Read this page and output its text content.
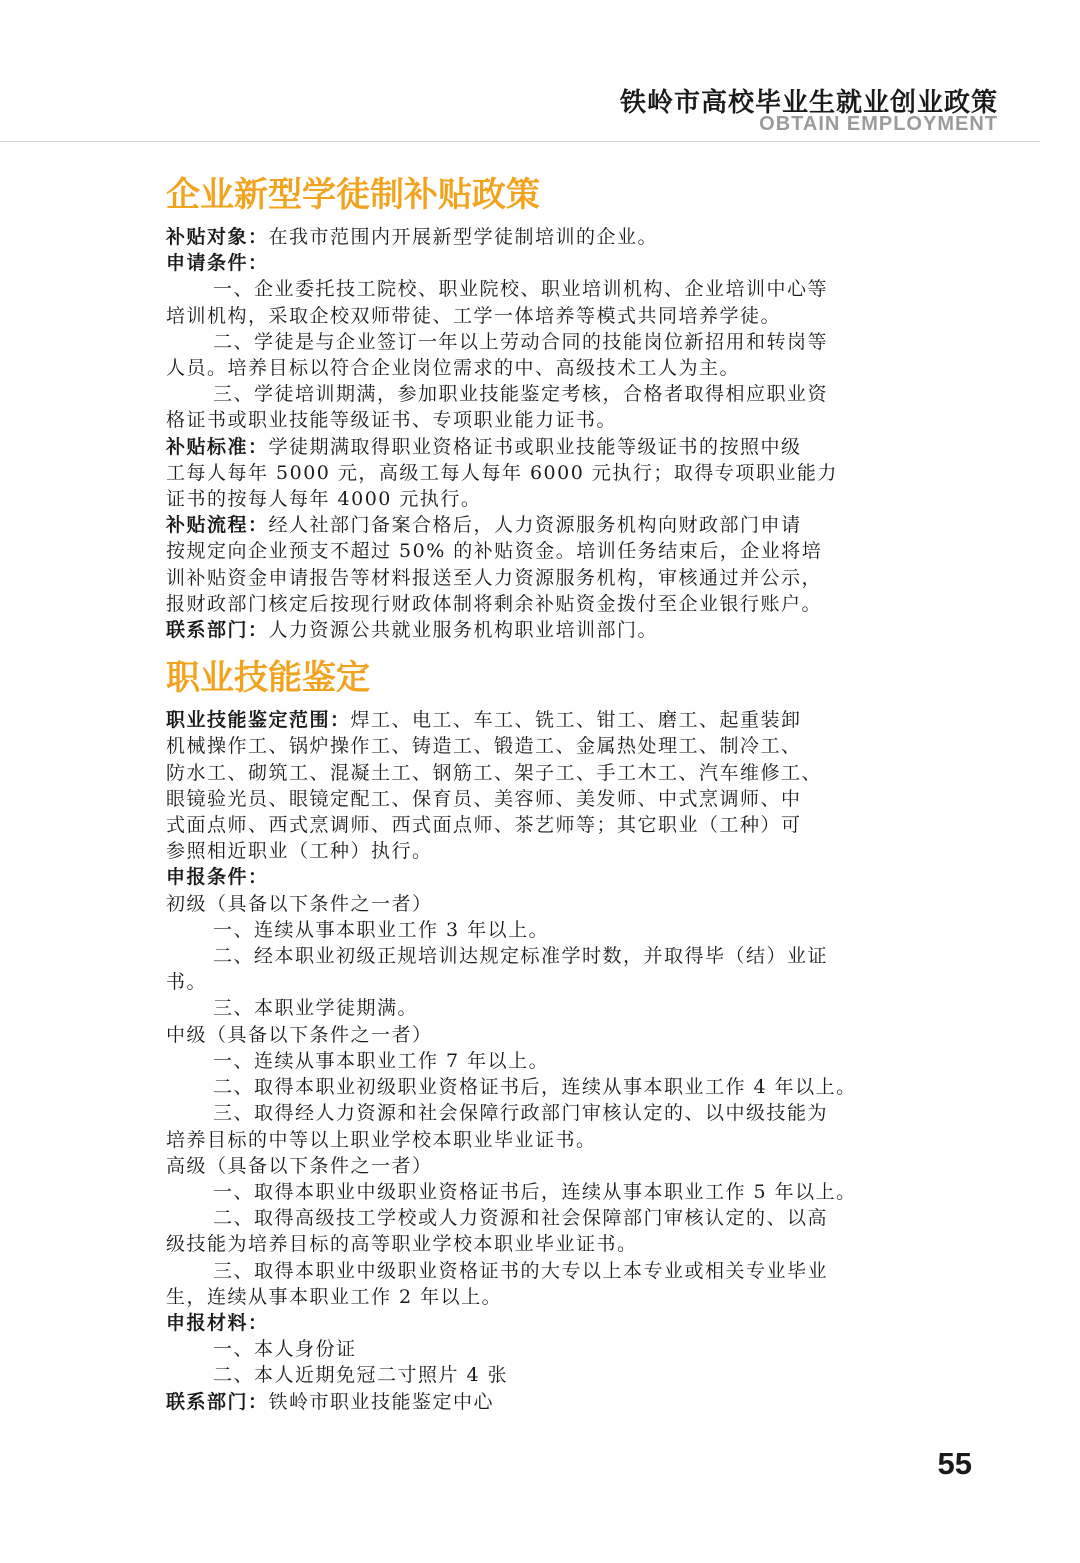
铁岭市高校毕业生就业创业政策
OBTAIN EMPLOYMENT
企业新型学徒制补贴政策
补贴对象：在我市范围内开展新型学徒制培训的企业。
申请条件：
一、企业委托技工院校、职业院校、职业培训机构、企业培训中心等
培训机构，采取企校双师带徒、工学一体培养等模式共同培养学徒。
二、学徒是与企业签订一年以上劳动合同的技能岗位新招用和转岗等
人员。培养目标以符合企业岗位需求的中、高级技术工人为主。
三、学徒培训期满，参加职业技能鉴定考核，合格者取得相应职业资
格证书或职业技能等级证书、专项职业能力证书。
补贴标准：学徒期满取得职业资格证书或职业技能等级证书的按照中级
工每人每年 5000 元，高级工每人每年 6000 元执行；取得专项职业能力
证书的按每人每年 4000 元执行。
补贴流程：经人社部门备案合格后，人力资源服务机构向财政部门申请
按规定向企业预支不超过 50% 的补贴资金。培训任务结束后，企业将培
训补贴资金申请报告等材料报送至人力资源服务机构，审核通过并公示，
报财政部门核定后按现行财政体制将剩余补贴资金拨付至企业银行账户。
联系部门：人力资源公共就业服务机构职业培训部门。
职业技能鉴定
职业技能鉴定范围：焊工、电工、车工、铣工、钳工、磨工、起重装卸
机械操作工、锅炉操作工、铸造工、锻造工、金属热处理工、制冷工、
防水工、砌筑工、混凝土工、钢筋工、架子工、手工木工、汽车维修工、
眼镜验光员、眼镜定配工、保育员、美容师、美发师、中式烹调师、中
式面点师、西式烹调师、西式面点师、茶艺师等；其它职业（工种）可
参照相近职业（工种）执行。
申报条件：
初级（具备以下条件之一者）
一、连续从事本职业工作 3 年以上。
二、经本职业初级正规培训达规定标准学时数，并取得毕（结）业证
书。
三、本职业学徒期满。
中级（具备以下条件之一者）
一、连续从事本职业工作 7 年以上。
二、取得本职业初级职业资格证书后，连续从事本职业工作 4 年以上。
三、取得经人力资源和社会保障行政部门审核认定的、以中级技能为
培养目标的中等以上职业学校本职业毕业证书。
高级（具备以下条件之一者）
一、取得本职业中级职业资格证书后，连续从事本职业工作 5 年以上。
二、取得高级技工学校或人力资源和社会保障部门审核认定的、以高
级技能为培养目标的高等职业学校本职业毕业证书。
三、取得本职业中级职业资格证书的大专以上本专业或相关专业毕业
生，连续从事本职业工作 2 年以上。
申报材料：
一、本人身份证
二、本人近期免冠二寸照片 4 张
联系部门：铁岭市职业技能鉴定中心
55
